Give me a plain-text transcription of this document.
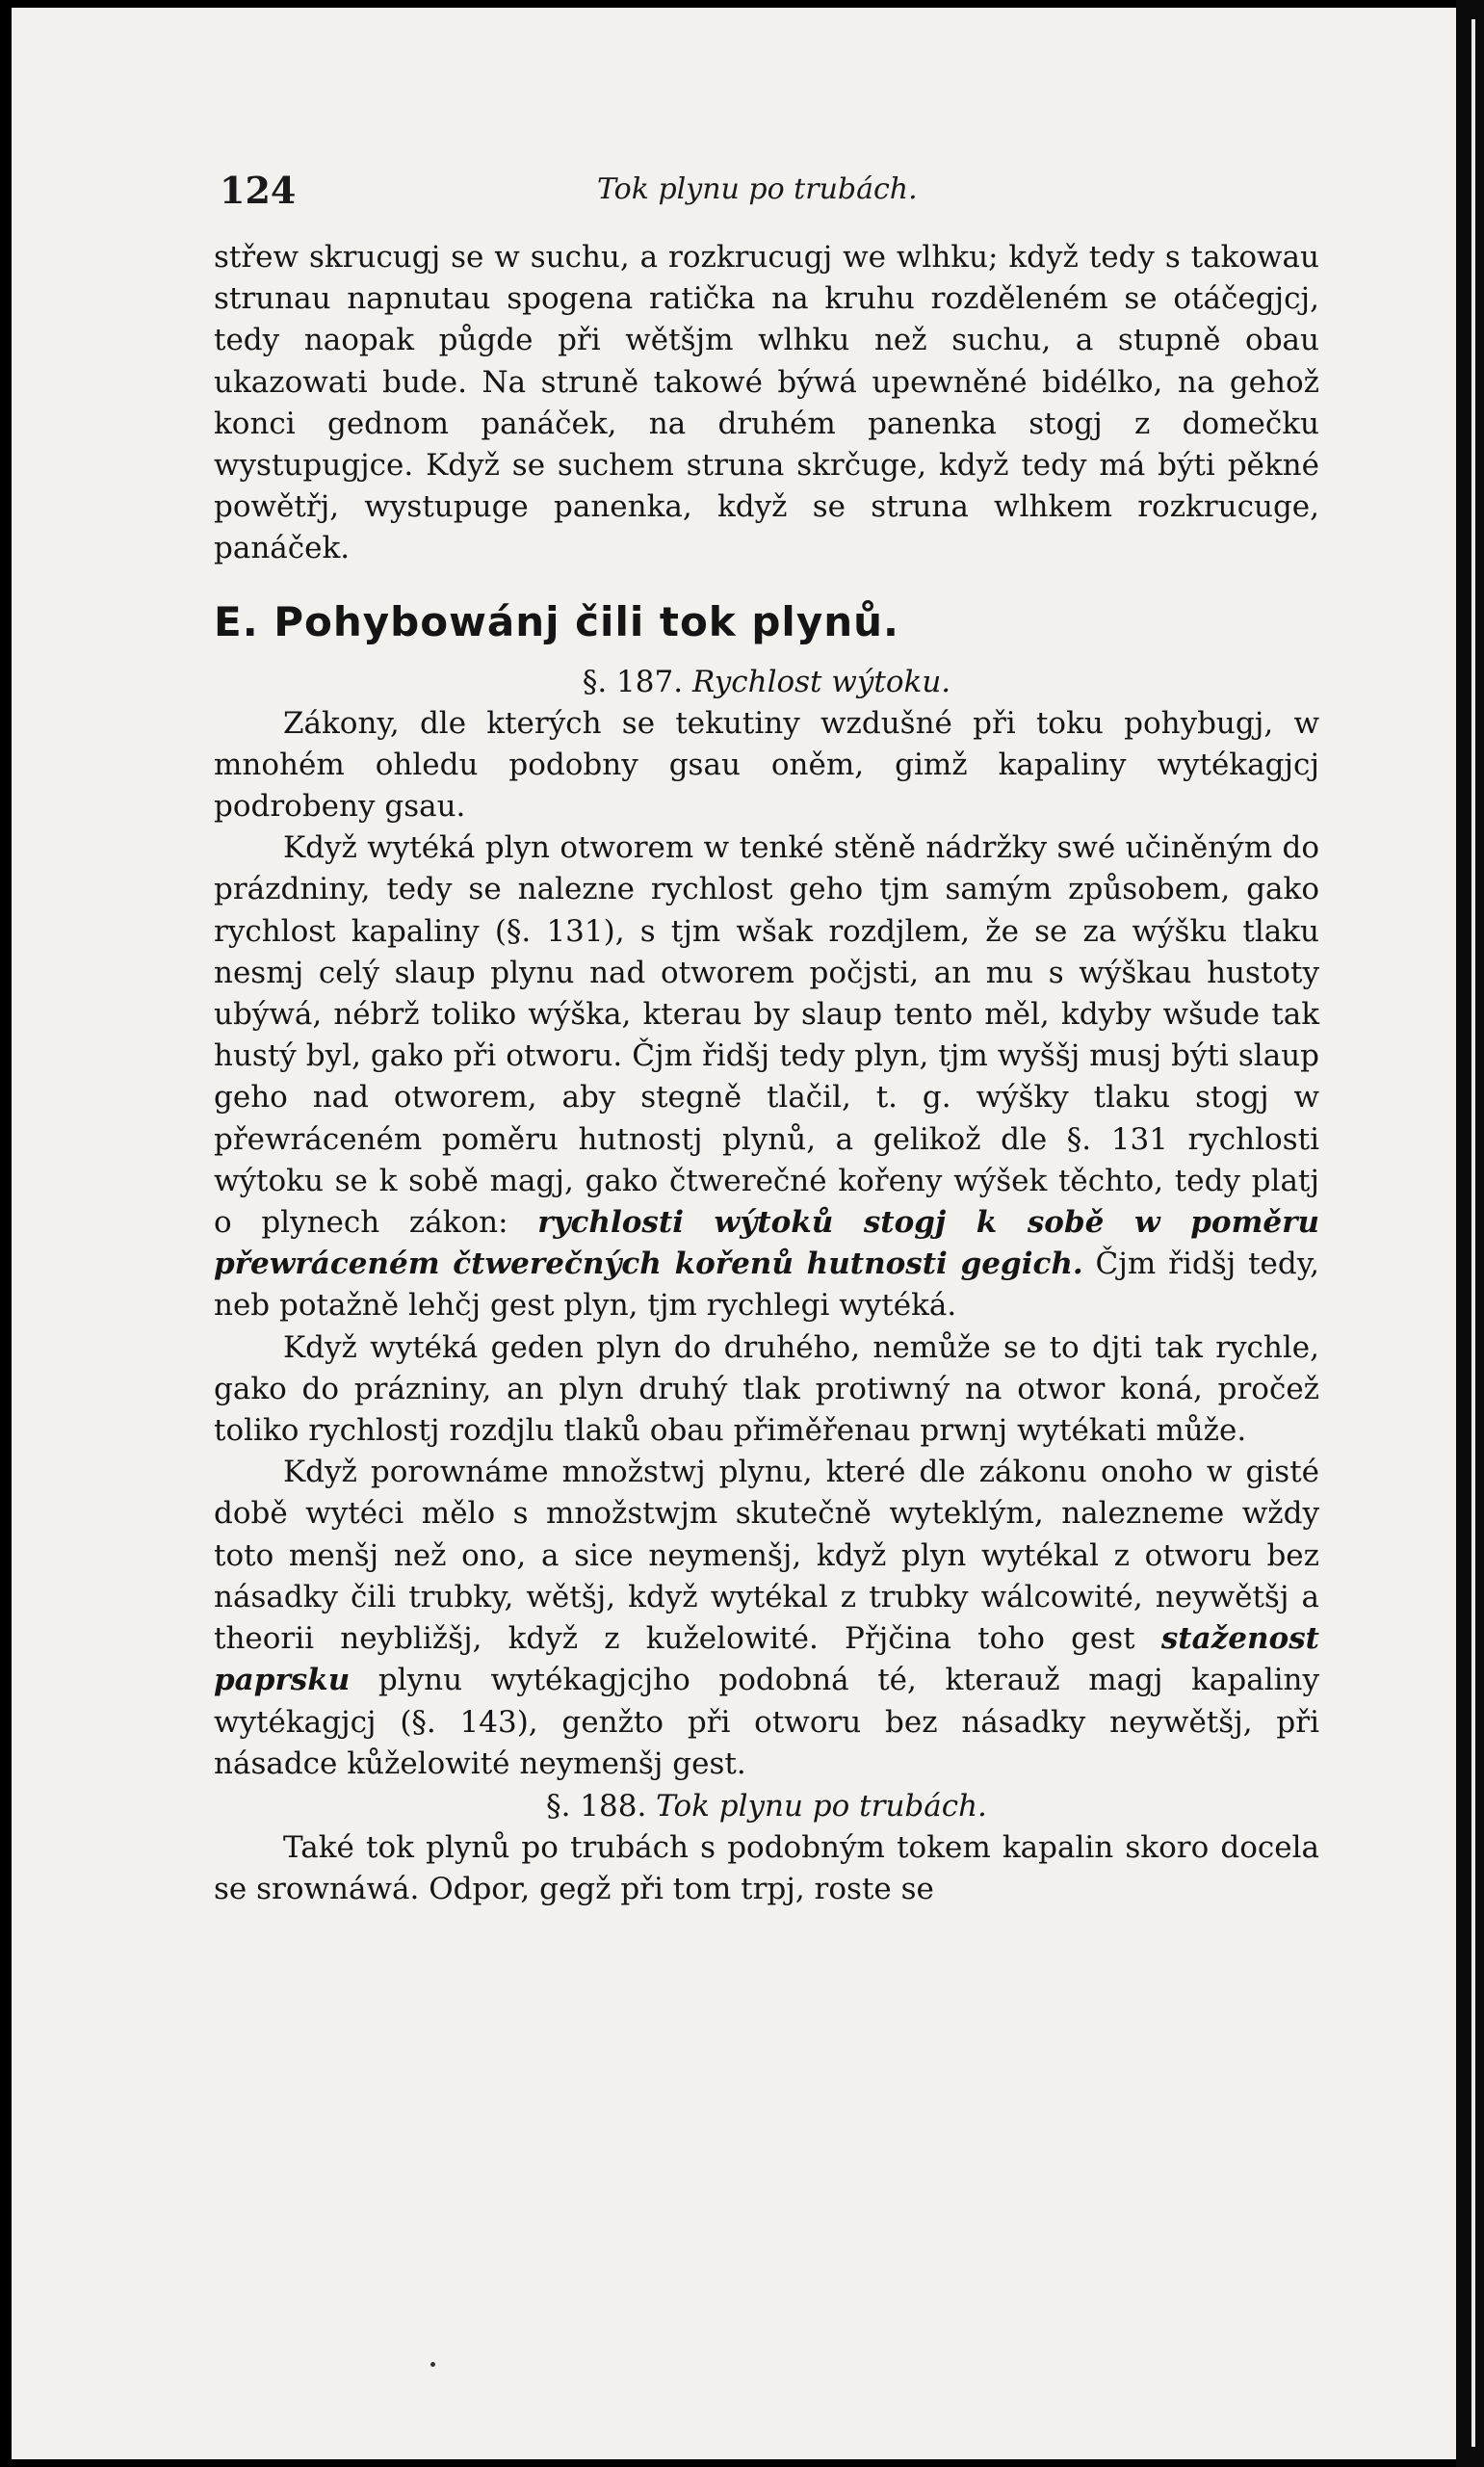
124	Tok plynu po trubách.

střew skrucugj se w suchu, a rozkrucugj we wlhku; když tedy s takowau strunau napnutau spogena ratička na kruhu rozděleném se otáčegjcj, tedy naopak půgde při wětšjm wlhku než suchu, a stupně obau ukazowati bude. Na struně takowé býwá upewněné bidélko, na gehož konci gednom panáček, na druhém panenka stogj z domečku wystupugjce. Když se suchem struna skrčuge, když tedy má býti pěkné powětřj, wystupuge panenka, když se struna wlhkem rozkrucuge, panáček.

E. Pohybowánj čili tok plynů.

§. 187. Rychlost wýtoku.

Zákony, dle kterých se tekutiny wzdušné při toku pohybugj, w mnohém ohledu podobny gsau oněm, gimž kapaliny wytékagjcj podrobeny gsau.

Když wytéká plyn otworem w tenké stěně nádržky swé učiněným do prázdniny, tedy se nalezne rychlost geho tjm samým způsobem, gako rychlost kapaliny (§. 131), s tjm wšak rozdjlem, že se za wýšku tlaku nesmj celý slaup plynu nad otworem počjsti, an mu s wýškau hustoty ubýwá, nébrž toliko wýška, kterau by slaup tento měl, kdyby wšude tak hustý byl, gako při otworu. Čjm řidšj tedy plyn, tjm wyššj musj býti slaup geho nad otworem, aby stegně tlačil, t. g. wýšky tlaku stogj w přewráceném poměru hutnostj plynů, a gelikož dle §. 131 rychlosti wýtoku se k sobě magj, gako čtwerečné kořeny wýšek těchto, tedy platj o plynech zákon: rychlosti wýtoků stogj k sobě w poměru přewráceném čtwerečných kořenů hutnosti gegich. Čjm řidšj tedy, neb potažně lehčj gest plyn, tjm rychlegi wytéká.

Když wytéká geden plyn do druhého, nemůže se to djti tak rychle, gako do prázniny, an plyn druhý tlak protiwný na otwor koná, pročež toliko rychlostj rozdjlu tlaků obau přiměřenau prwnj wytékati může.

Když porownáme množstwj plynu, které dle zákonu onoho w gisté době wytéci mělo s množstwjm skutečně wyteklým, nalezneme wždy toto menšj než ono, a sice neymenšj, když plyn wytékal z otworu bez násadky čili trubky, wětšj, když wytékal z trubky wálcowité, neywětšj a theorii neybližšj, když z kuželowité. Přjčina toho gest staženost paprsku plynu wytékagjcjho podobná té, kterauž magj kapaliny wytékagjcj (§. 143), genžto při otworu bez násadky neywětšj, při násadce kůželowité neymenšj gest.

§. 188. Tok plynu po trubách.

Také tok plynů po trubách s podobným tokem kapalin skoro docela se srownáwá. Odpor, gegž při tom trpj, roste se
